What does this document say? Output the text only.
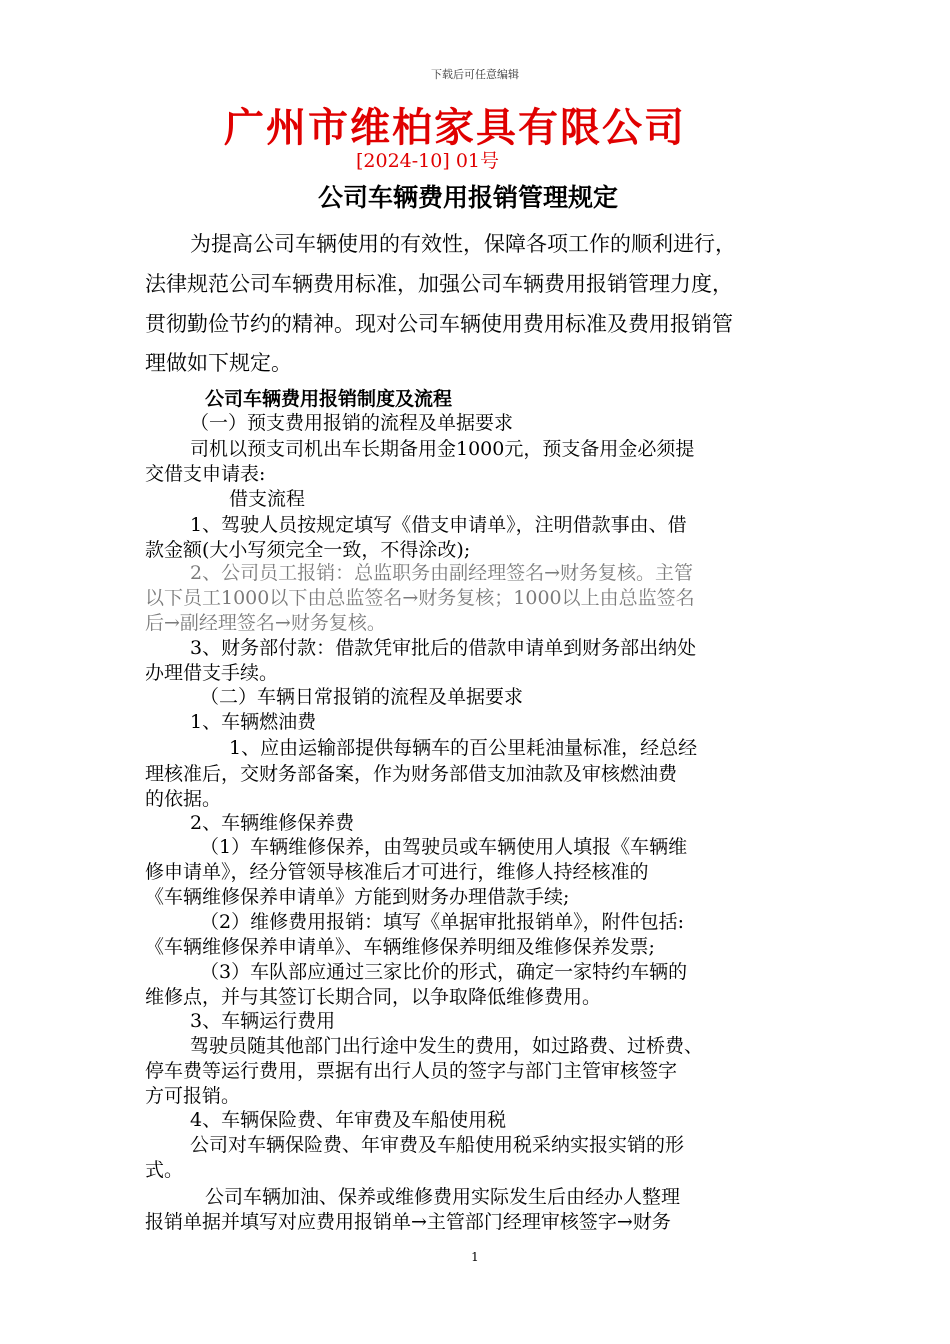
下载后可任意编辑
广州市维柏家具有限公司
[2024-10] 01号
公司车辆费用报销管理规定
为提高公司车辆使用的有效性，保障各项工作的顺利进行，
法律规范公司车辆费用标准，加强公司车辆费用报销管理力度，
贯彻勤俭节约的精神。现对公司车辆使用费用标准及费用报销管
理做如下规定。
公司车辆费用报销制度及流程
（一）预支费用报销的流程及单据要求
司机以预支司机出车长期备用金1000元，预支备用金必须提
交借支申请表:
借支流程
1、驾驶人员按规定填写《借支申请单》，注明借款事由、借
款金额(大小写须完全一致，不得涂改);
2、公司员工报销：总监职务由副经理签名→财务复核。主管
以下员工1000以下由总监签名→财务复核；1000以上由总监签名
后→副经理签名→财务复核。
3、财务部付款：借款凭审批后的借款申请单到财务部出纳处
办理借支手续。
（二）车辆日常报销的流程及单据要求
1、车辆燃油费
1、应由运输部提供每辆车的百公里耗油量标准，经总经
理核准后，交财务部备案，作为财务部借支加油款及审核燃油费
的依据。
2、车辆维修保养费
（1）车辆维修保养，由驾驶员或车辆使用人填报《车辆维
修申请单》，经分管领导核准后才可进行，维修人持经核准的
《车辆维修保养申请单》方能到财务办理借款手续;
（2）维修费用报销：填写《单据审批报销单》，附件包括:
《车辆维修保养申请单》、车辆维修保养明细及维修保养发票;
（3）车队部应通过三家比价的形式，确定一家特约车辆的
维修点，并与其签订长期合同，以争取降低维修费用。
3、车辆运行费用
驾驶员随其他部门出行途中发生的费用，如过路费、过桥费、
停车费等运行费用，票据有出行人员的签字与部门主管审核签字
方可报销。
4、车辆保险费、年审费及车船使用税
公司对车辆保险费、年审费及车船使用税采纳实报实销的形
式。
公司车辆加油、保养或维修费用实际发生后由经办人整理
报销单据并填写对应费用报销单→主管部门经理审核签字→财务
1
